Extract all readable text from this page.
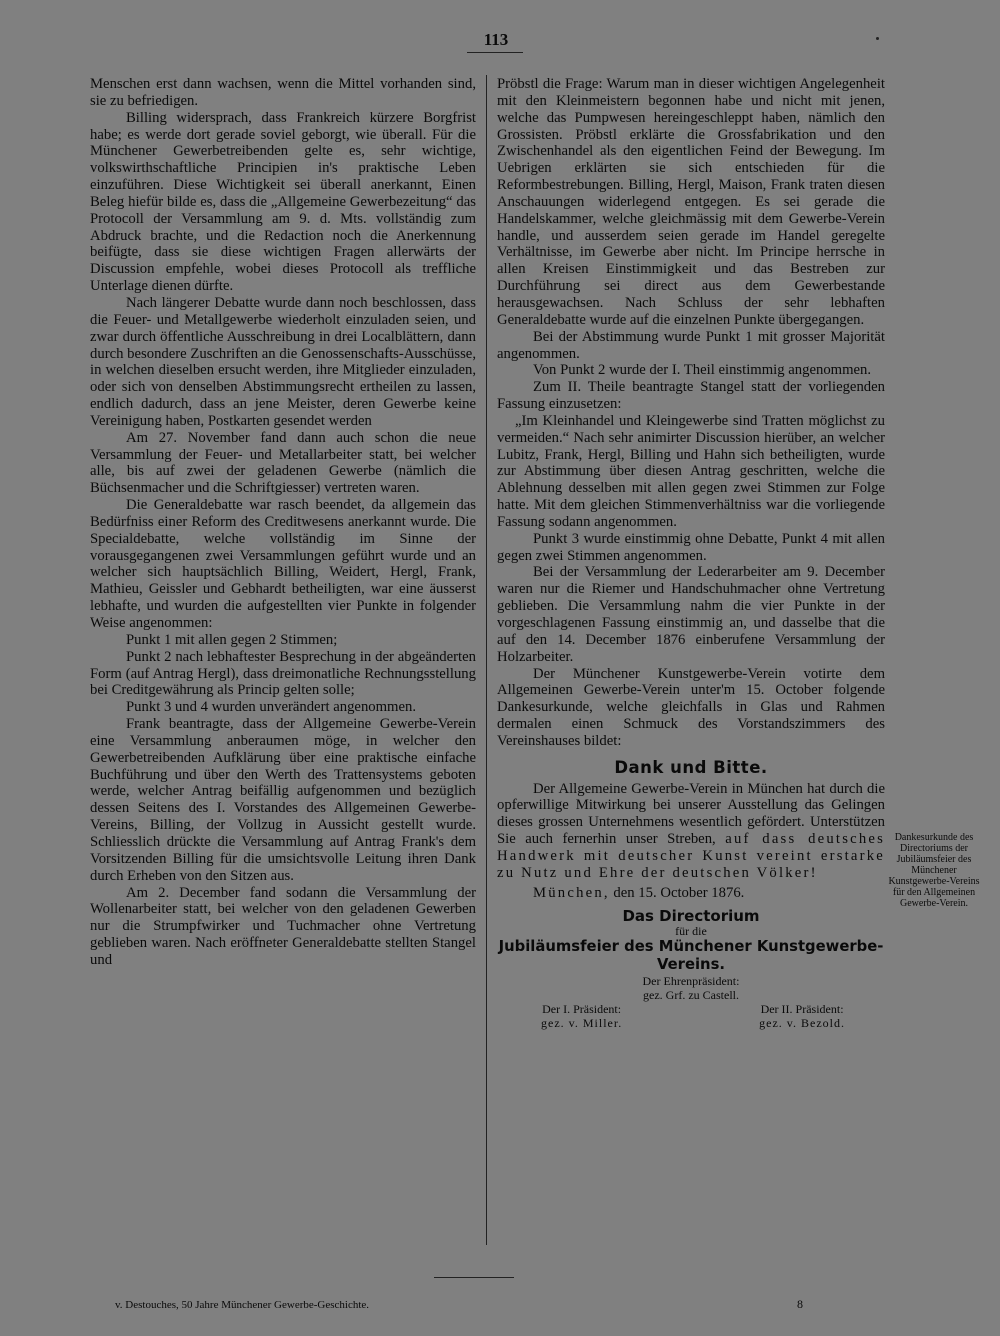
113

Menschen erst dann wachsen, wenn die Mittel vorhanden sind, sie zu befriedigen.

Billing widersprach, dass Frankreich kürzere Borgfrist habe; es werde dort gerade soviel geborgt, wie überall. Für die Münchener Gewerbetreibenden gelte es, sehr wichtige, volkswirthschaftliche Principien in's praktische Leben einzuführen. Diese Wichtigkeit sei überall anerkannt, Einen Beleg hiefür bilde es, dass die „Allgemeine Gewerbezeitung“ das Protocoll der Versammlung am 9. d. Mts. vollständig zum Abdruck brachte, und die Redaction noch die Anerkennung beifügte, dass sie diese wichtigen Fragen allerwärts der Discussion empfehle, wobei dieses Protocoll als treffliche Unterlage dienen dürfte.

Nach längerer Debatte wurde dann noch beschlossen, dass die Feuer- und Metallgewerbe wiederholt einzuladen seien, und zwar durch öffentliche Ausschreibung in drei Localblättern, dann durch besondere Zuschriften an die Genossenschafts-Ausschüsse, in welchen dieselben ersucht werden, ihre Mitglieder einzuladen, oder sich von denselben Abstimmungsrecht ertheilen zu lassen, endlich dadurch, dass an jene Meister, deren Gewerbe keine Vereinigung haben, Postkarten gesendet werden

Am 27. November fand dann auch schon die neue Versammlung der Feuer- und Metallarbeiter statt, bei welcher alle, bis auf zwei der geladenen Gewerbe (nämlich die Büchsenmacher und die Schriftgiesser) vertreten waren.

Die Generaldebatte war rasch beendet, da allgemein das Bedürfniss einer Reform des Creditwesens anerkannt wurde. Die Specialdebatte, welche vollständig im Sinne der vorausgegangenen zwei Versammlungen geführt wurde und an welcher sich hauptsächlich Billing, Weidert, Hergl, Frank, Mathieu, Geissler und Gebhardt betheiligten, war eine äusserst lebhafte, und wurden die aufgestellten vier Punkte in folgender Weise angenommen:

Punkt 1 mit allen gegen 2 Stimmen;

Punkt 2 nach lebhaftester Besprechung in der abgeänderten Form (auf Antrag Hergl), dass dreimonatliche Rechnungsstellung bei Creditgewährung als Princip gelten solle;

Punkt 3 und 4 wurden unverändert angenommen.

Frank beantragte, dass der Allgemeine Gewerbe-Verein eine Versammlung anberaumen möge, in welcher den Gewerbetreibenden Aufklärung über eine praktische einfache Buchführung und über den Werth des Trattensystems geboten werde, welcher Antrag beifällig aufgenommen und bezüglich dessen Seitens des I. Vorstandes des Allgemeinen Gewerbe-Vereins, Billing, der Vollzug in Aussicht gestellt wurde. Schliesslich drückte die Versammlung auf Antrag Frank's dem Vorsitzenden Billing für die umsichtsvolle Leitung ihren Dank durch Erheben von den Sitzen aus.

Am 2. December fand sodann die Versammlung der Wollenarbeiter statt, bei welcher von den geladenen Gewerben nur die Strumpfwirker und Tuchmacher ohne Vertretung geblieben waren. Nach eröffneter Generaldebatte stellten Stangel und

Pröbstl die Frage: Warum man in dieser wichtigen Angelegenheit mit den Kleinmeistern begonnen habe und nicht mit jenen, welche das Pumpwesen hereingeschleppt haben, nämlich den Grossisten. Pröbstl erklärte die Grossfabrikation und den Zwischenhandel als den eigentlichen Feind der Bewegung. Im Uebrigen erklärten sie sich entschieden für die Reformbestrebungen. Billing, Hergl, Maison, Frank traten diesen Anschauungen widerlegend entgegen. Es sei gerade die Handelskammer, welche gleichmässig mit dem Gewerbe-Verein handle, und ausserdem seien gerade im Handel geregelte Verhältnisse, im Gewerbe aber nicht. Im Principe herrsche in allen Kreisen Einstimmigkeit und das Bestreben zur Durchführung sei direct aus dem Gewerbestande herausgewachsen. Nach Schluss der sehr lebhaften Generaldebatte wurde auf die einzelnen Punkte übergegangen.

Bei der Abstimmung wurde Punkt 1 mit grosser Majorität angenommen.

Von Punkt 2 wurde der I. Theil einstimmig angenommen.

Zum II. Theile beantragte Stangel statt der vorliegenden Fassung einzusetzen:

„Im Kleinhandel und Kleingewerbe sind Tratten möglichst zu vermeiden.“ Nach sehr animirter Discussion hierüber, an welcher Lubitz, Frank, Hergl, Billing und Hahn sich betheiligten, wurde zur Abstimmung über diesen Antrag geschritten, welche die Ablehnung desselben mit allen gegen zwei Stimmen zur Folge hatte. Mit dem gleichen Stimmenverhältniss war die vorliegende Fassung sodann angenommen.

Punkt 3 wurde einstimmig ohne Debatte, Punkt 4 mit allen gegen zwei Stimmen angenommen.

Bei der Versammlung der Lederarbeiter am 9. December waren nur die Riemer und Handschuhmacher ohne Vertretung geblieben. Die Versammlung nahm die vier Punkte in der vorgeschlagenen Fassung einstimmig an, und dasselbe that die auf den 14. December 1876 einberufene Versammlung der Holzarbeiter.

Der Münchener Kunstgewerbe-Verein votirte dem Allgemeinen Gewerbe-Verein unter'm 15. October folgende Dankesurkunde, welche gleichfalls in Glas und Rahmen dermalen einen Schmuck des Vorstandszimmers des Vereinshauses bildet:

Dank und Bitte.

Der Allgemeine Gewerbe-Verein in München hat durch die opferwillige Mitwirkung bei unserer Ausstellung das Gelingen dieses grossen Unternehmens wesentlich gefördert. Unterstützen Sie auch fernerhin unser Streben, auf dass deutsches Handwerk mit deutscher Kunst vereint erstarke zu Nutz und Ehre der deutschen Völker!

München, den 15. October 1876.

Das Directorium
für die
Jubiläumsfeier des Münchener Kunstgewerbe-Vereins.
Der Ehrenpräsident:
gez. Grf. zu Castell.
Der I. Präsident:
gez. v. Miller.
Der II. Präsident:
gez. v. Bezold.
Dankesurkunde des Directoriums der Jubiläumsfeier des Münchener Kunstgewerbe-Vereins für den Allgemeinen Gewerbe-Verein.
v. Destouches, 50 Jahre Münchener Gewerbe-Geschichte.	8
